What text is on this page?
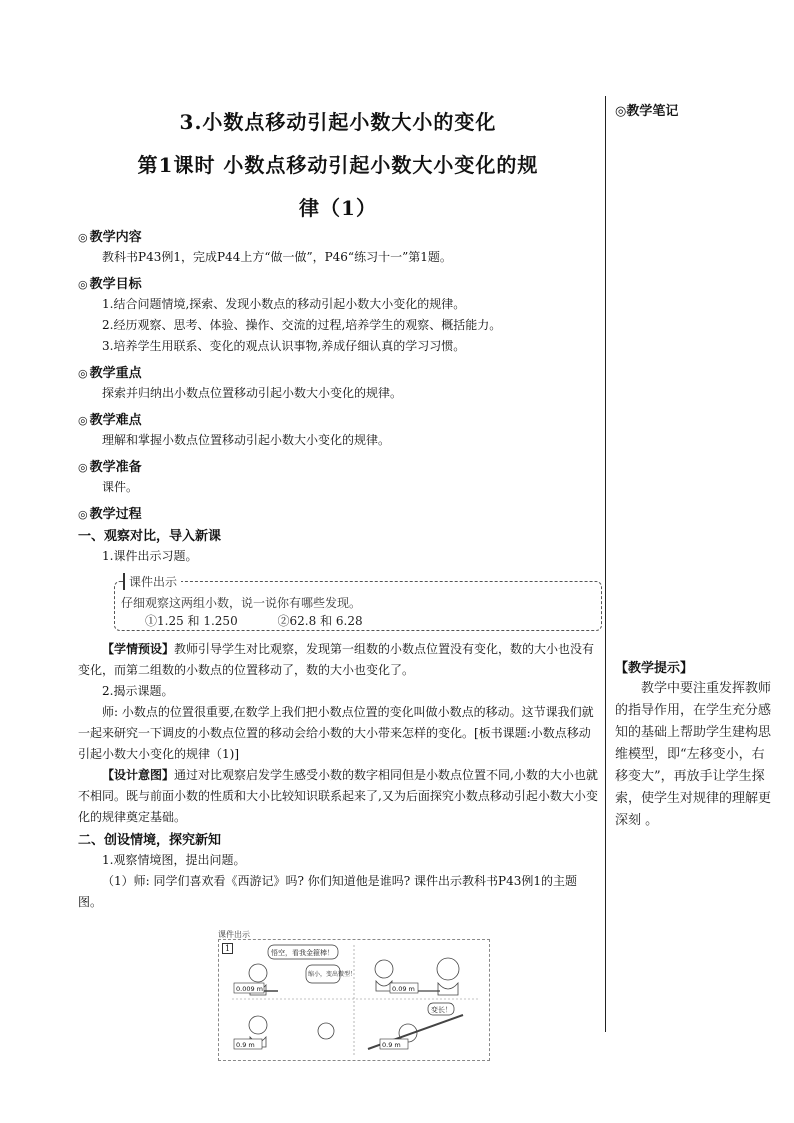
3.小数点移动引起小数大小的变化
第1课时 小数点移动引起小数大小变化的规
律（1）
◎ 教学内容

教科书P43例1，完成P44上方“做一做”，P46“练习十一”第1题。

◎ 教学目标

1.结合问题情境,探索、发现小数点的移动引起小数大小变化的规律。

2.经历观察、思考、体验、操作、交流的过程,培养学生的观察、概括能力。

3.培养学生用联系、变化的观点认识事物,养成仔细认真的学习习惯。

◎ 教学重点

探索并归纳出小数点位置移动引起小数大小变化的规律。

◎ 教学难点

理解和掌握小数点位置移动引起小数大小变化的规律。

◎ 教学准备

课件。

◎ 教学过程
一、观察对比，导入新课

1.课件出示习题。

课件出示
仔细观察这两组小数，说一说你有哪些发现。
①1.25 和 1.250	②62.8 和 6.28

【学情预设】教师引导学生对比观察，发现第一组数的小数点位置没有变化，数的大小也没有变化，而第二组数的小数点的位置移动了，数的大小也变化了。

2.揭示课题。

师: 小数点的位置很重要,在数学上我们把小数点位置的变化叫做小数点的移动。这节课我们就一起来研究一下调皮的小数点位置的移动会给小数的大小带来怎样的变化。[板书课题:小数点移动引起小数大小变化的规律（1)]

【设计意图】通过对比观察启发学生感受小数的数字相同但是小数点位置不同,小数的大小也就不相同。既与前面小数的性质和大小比较知识联系起来了,又为后面探究小数点移动引起小数大小变化的规律奠定基础。

二、创设情境，探究新知

1.观察情境图，提出问题。

（1）师: 同学们喜欢看《西游记》吗? 你们知道他是谁吗? 课件出示教科书P43例1的主题图。

课件出示
1	悟空，看我金箍棒！
缩小，变出微型！
变长！
0.009 m	0.09 m
0.9 m	0.9 m
◎教学笔记
【教学提示】

教学中要注重发挥教师的指导作用，在学生充分感知的基础上帮助学生建构思维模型，即“左移变小，右移变大”，再放手让学生探索，使学生对规律的理解更深刻 。
